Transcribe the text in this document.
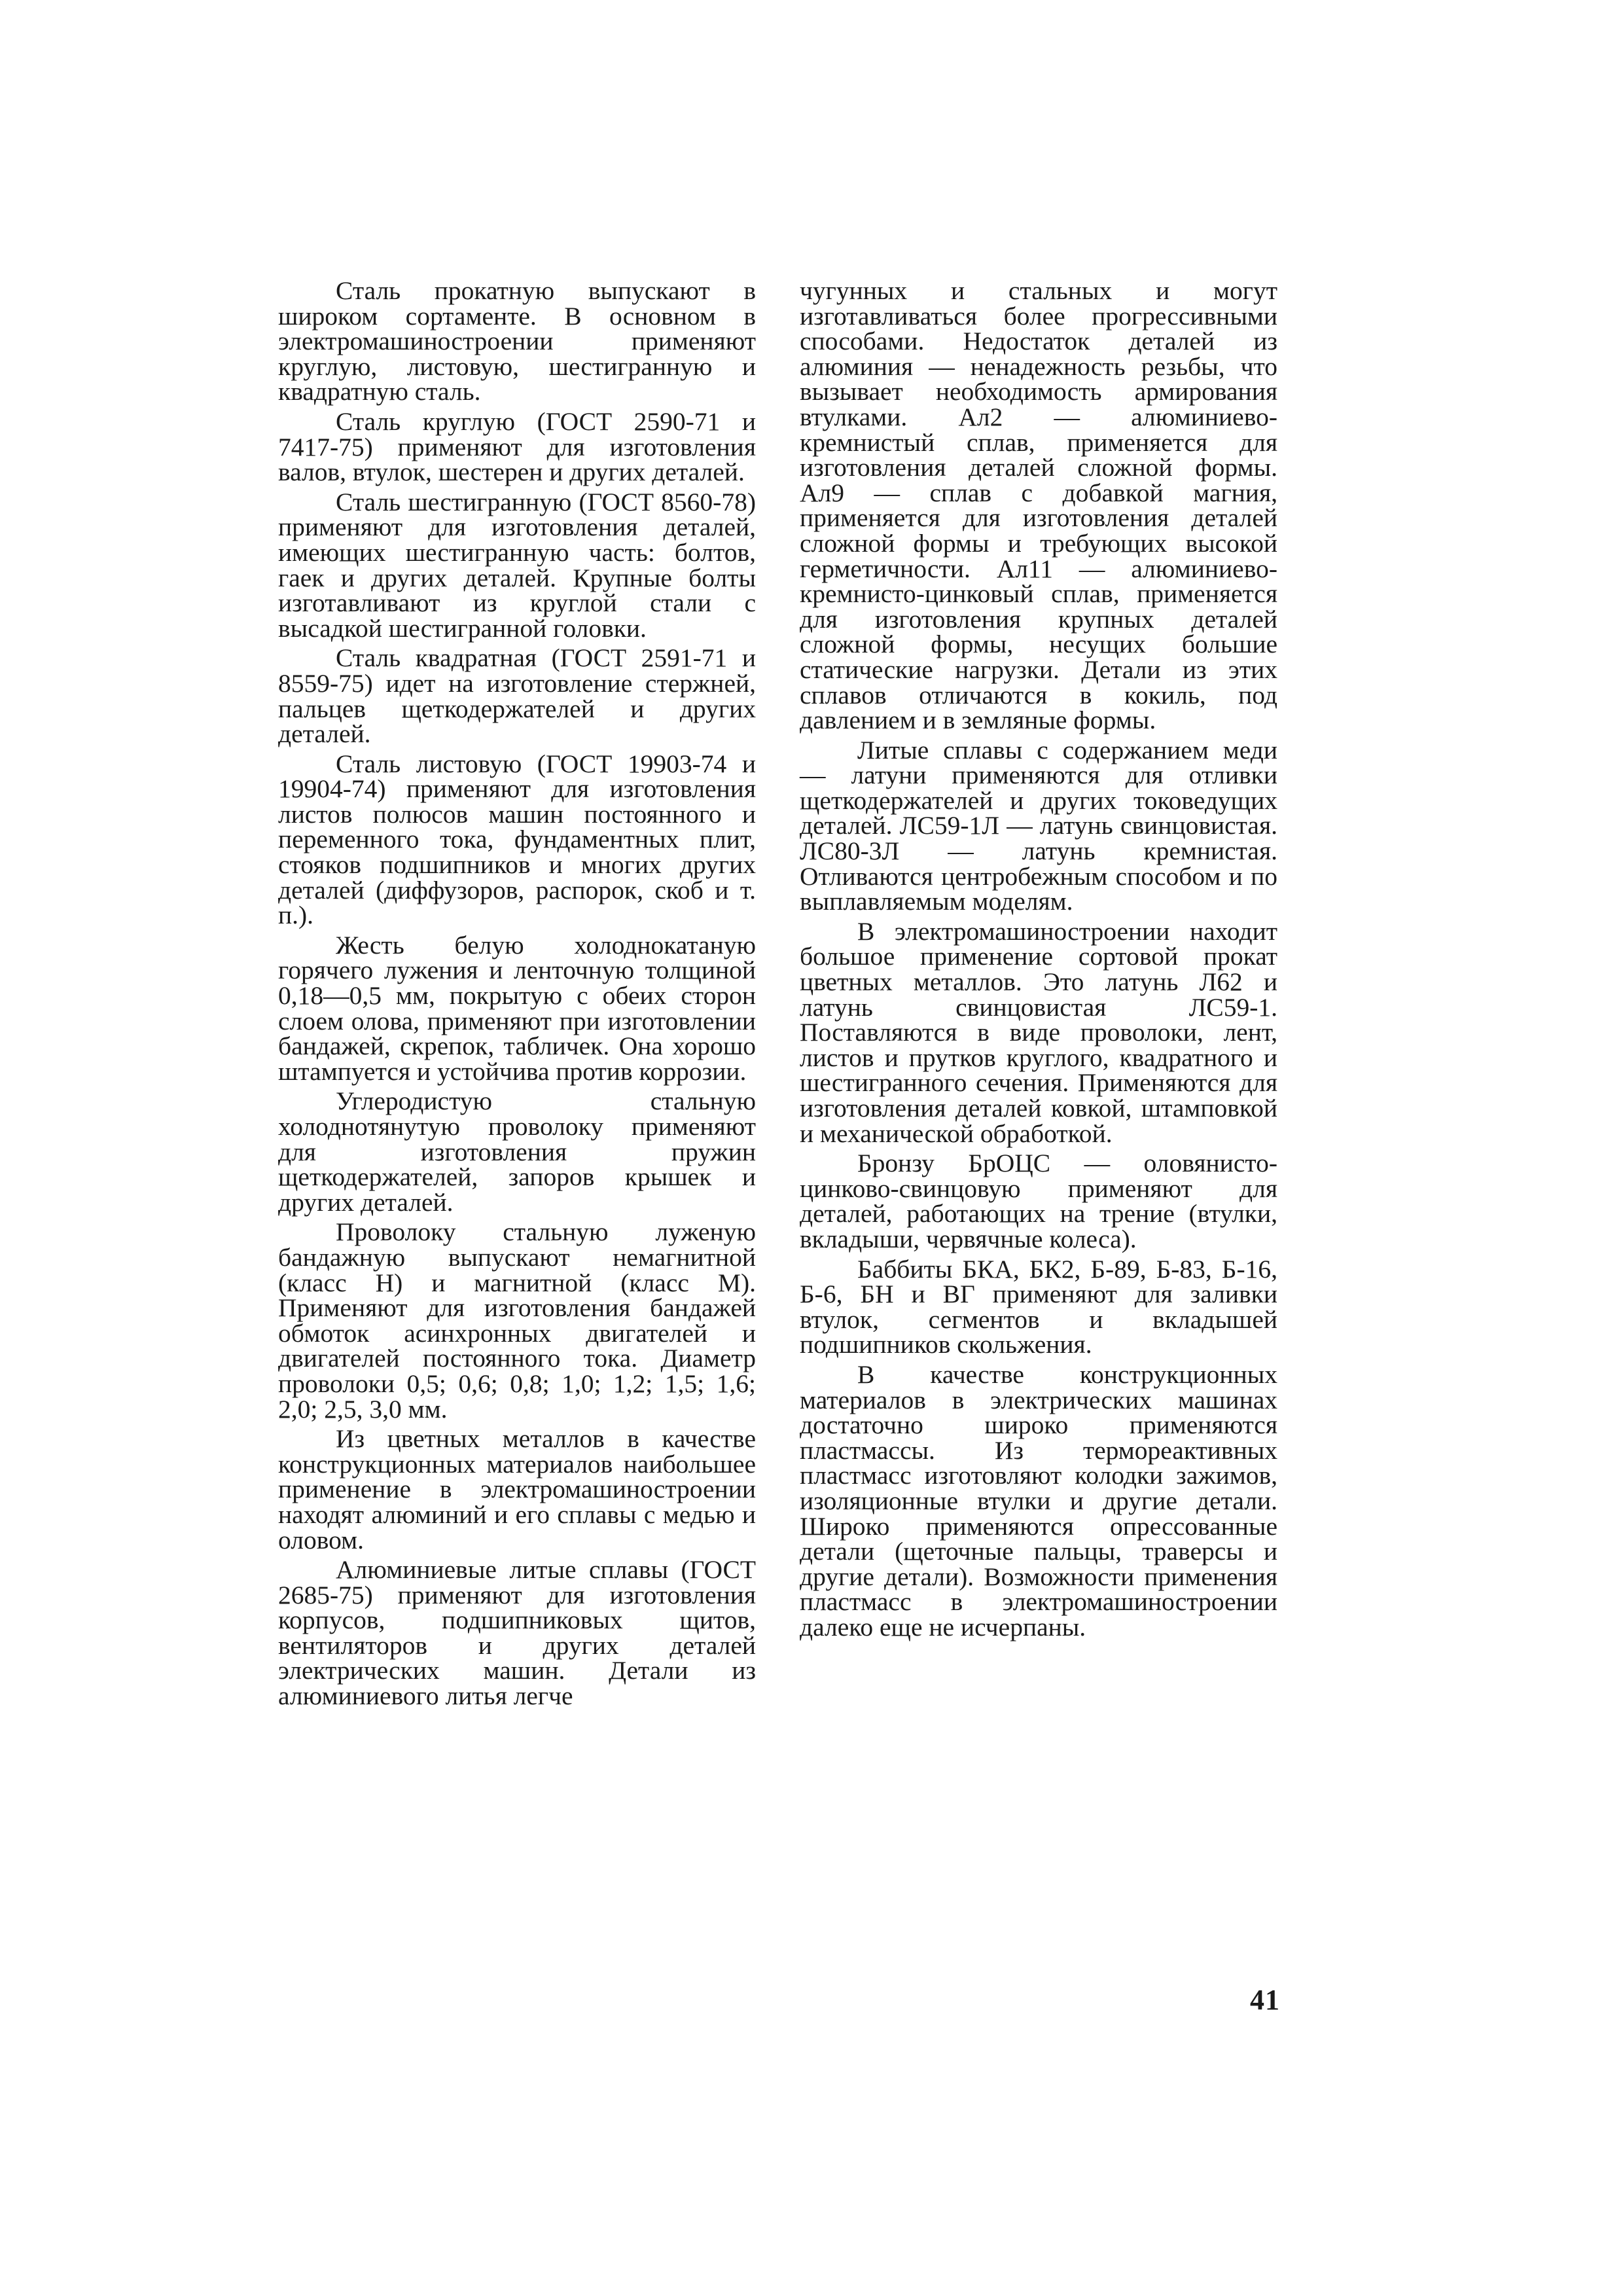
Сталь прокатную выпускают в широком сортаменте. В основном в электромашиностроении применяют круглую, листовую, шестигранную и квадратную сталь.

Сталь круглую (ГОСТ 2590-71 и 7417-75) применяют для изготовления валов, втулок, шестерен и других деталей.

Сталь шестигранную (ГОСТ 8560-78) применяют для изготовления деталей, имеющих шестигранную часть: болтов, гаек и других деталей. Крупные болты изготавливают из круглой стали с высадкой шестигранной головки.

Сталь квадратная (ГОСТ 2591-71 и 8559-75) идет на изготовление стержней, пальцев щеткодержателей и других деталей.

Сталь листовую (ГОСТ 19903-74 и 19904-74) применяют для изготовления листов полюсов машин постоянного и переменного тока, фундаментных плит, стояков подшипников и многих других деталей (диффузоров, распорок, скоб и т. п.).

Жесть белую холоднокатаную горячего лужения и ленточную толщиной 0,18—0,5 мм, покрытую с обеих сторон слоем олова, применяют при изготовлении бандажей, скрепок, табличек. Она хорошо штампуется и устойчива против коррозии.

Углеродистую стальную холоднотянутую проволоку применяют для изготовления пружин щеткодержателей, запоров крышек и других деталей.

Проволоку стальную луженую бандажную выпускают немагнитной (класс Н) и магнитной (класс М). Применяют для изготовления бандажей обмоток асинхронных двигателей и двигателей постоянного тока. Диаметр проволоки 0,5; 0,6; 0,8; 1,0; 1,2; 1,5; 1,6; 2,0; 2,5, 3,0 мм.

Из цветных металлов в качестве конструкционных материалов наибольшее применение в электромашиностроении находят алюминий и его сплавы с медью и оловом.

Алюминиевые литые сплавы (ГОСТ 2685-75) применяют для изготовления корпусов, подшипниковых щитов, вентиляторов и других деталей электрических машин. Детали из алюминиевого литья легче

чугунных и стальных и могут изготавливаться более прогрессивными способами. Недостаток деталей из алюминия — ненадежность резьбы, что вызывает необходимость армирования втулками. Ал2 — алюминиево-кремнистый сплав, применяется для изготовления деталей сложной формы. Ал9 — сплав с добавкой магния, применяется для изготовления деталей сложной формы и требующих высокой герметичности. Ал11 — алюминиево-кремнисто-цинковый сплав, применяется для изготовления крупных деталей сложной формы, несущих большие статические нагрузки. Детали из этих сплавов отличаются в кокиль, под давлением и в земляные формы.

Литые сплавы с содержанием меди — латуни применяются для отливки щеткодержателей и других токоведущих деталей. ЛС59-1Л — латунь свинцовистая. ЛС80-3Л — латунь кремнистая. Отливаются центробежным способом и по выплавляемым моделям.

В электромашиностроении находит большое применение сортовой прокат цветных металлов. Это латунь Л62 и латунь свинцовистая ЛС59-1. Поставляются в виде проволоки, лент, листов и прутков круглого, квадратного и шестигранного сечения. Применяются для изготовления деталей ковкой, штамповкой и механической обработкой.

Бронзу БрОЦС — оловянисто-цинково-свинцовую применяют для деталей, работающих на трение (втулки, вкладыши, червячные колеса).

Баббиты БКА, БК2, Б-89, Б-83, Б-16, Б-6, БН и ВГ применяют для заливки втулок, сегментов и вкладышей подшипников скольжения.

В качестве конструкционных материалов в электрических машинах достаточно широко применяются пластмассы. Из термореактивных пластмасс изготовляют колодки зажимов, изоляционные втулки и другие детали. Широко применяются опрессованные детали (щеточные пальцы, траверсы и другие детали). Возможности применения пластмасс в электромашиностроении далеко еще не исчерпаны.

41
